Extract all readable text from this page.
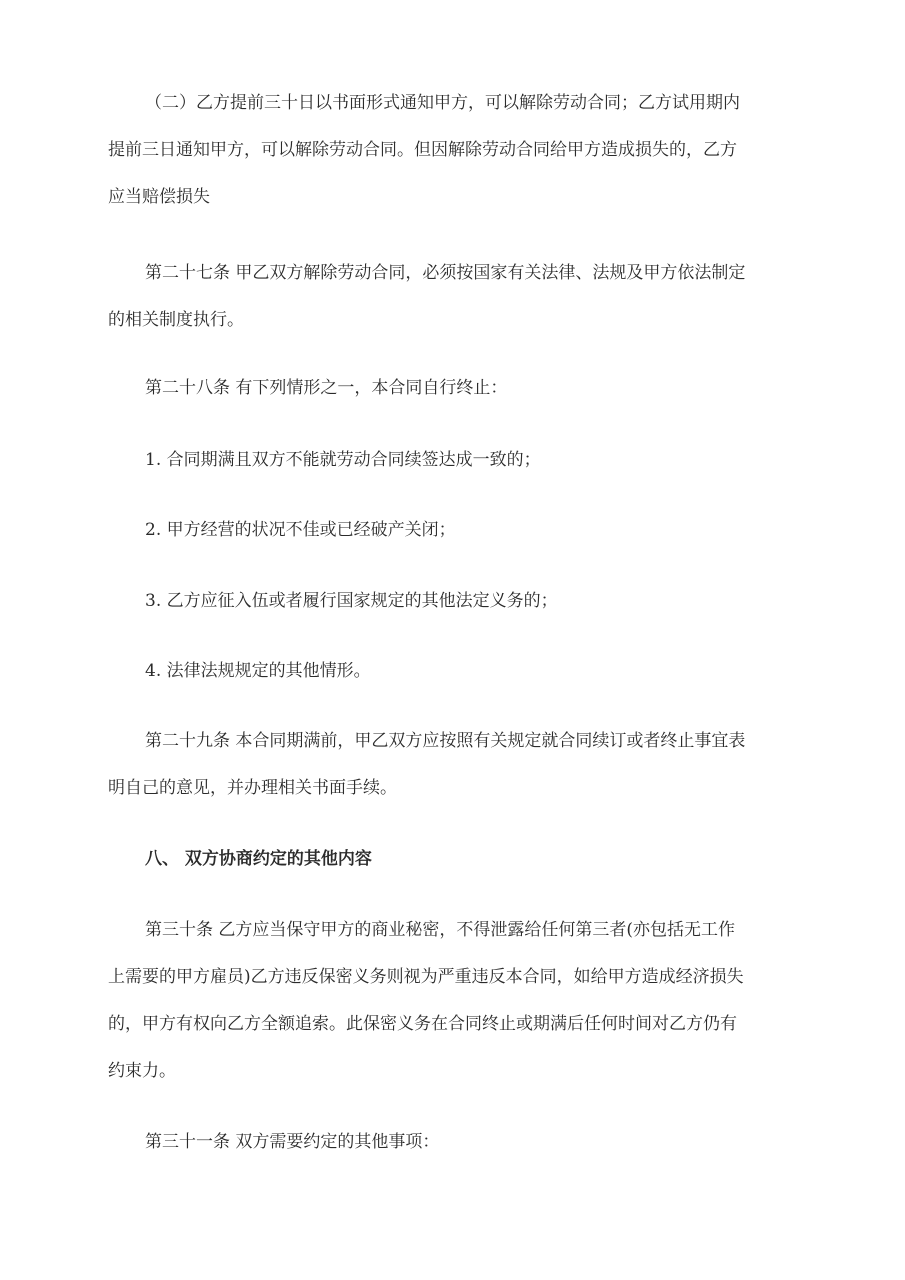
（二）乙方提前三十日以书面形式通知甲方，可以解除劳动合同；乙方试用期内
提前三日通知甲方，可以解除劳动合同。但因解除劳动合同给甲方造成损失的，乙方
应当赔偿损失

第二十七条 甲乙双方解除劳动合同，必须按国家有关法律、法规及甲方依法制定
的相关制度执行。

第二十八条 有下列情形之一，本合同自行终止：

1. 合同期满且双方不能就劳动合同续签达成一致的；

2. 甲方经营的状况不佳或已经破产关闭；

3. 乙方应征入伍或者履行国家规定的其他法定义务的；

4. 法律法规规定的其他情形。

第二十九条 本合同期满前，甲乙双方应按照有关规定就合同续订或者终止事宜表
明自己的意见，并办理相关书面手续。

八、 双方协商约定的其他内容

第三十条 乙方应当保守甲方的商业秘密，不得泄露给任何第三者(亦包括无工作
上需要的甲方雇员)乙方违反保密义务则视为严重违反本合同，如给甲方造成经济损失
的，甲方有权向乙方全额追索。此保密义务在合同终止或期满后任何时间对乙方仍有
约束力。

第三十一条 双方需要约定的其他事项：
